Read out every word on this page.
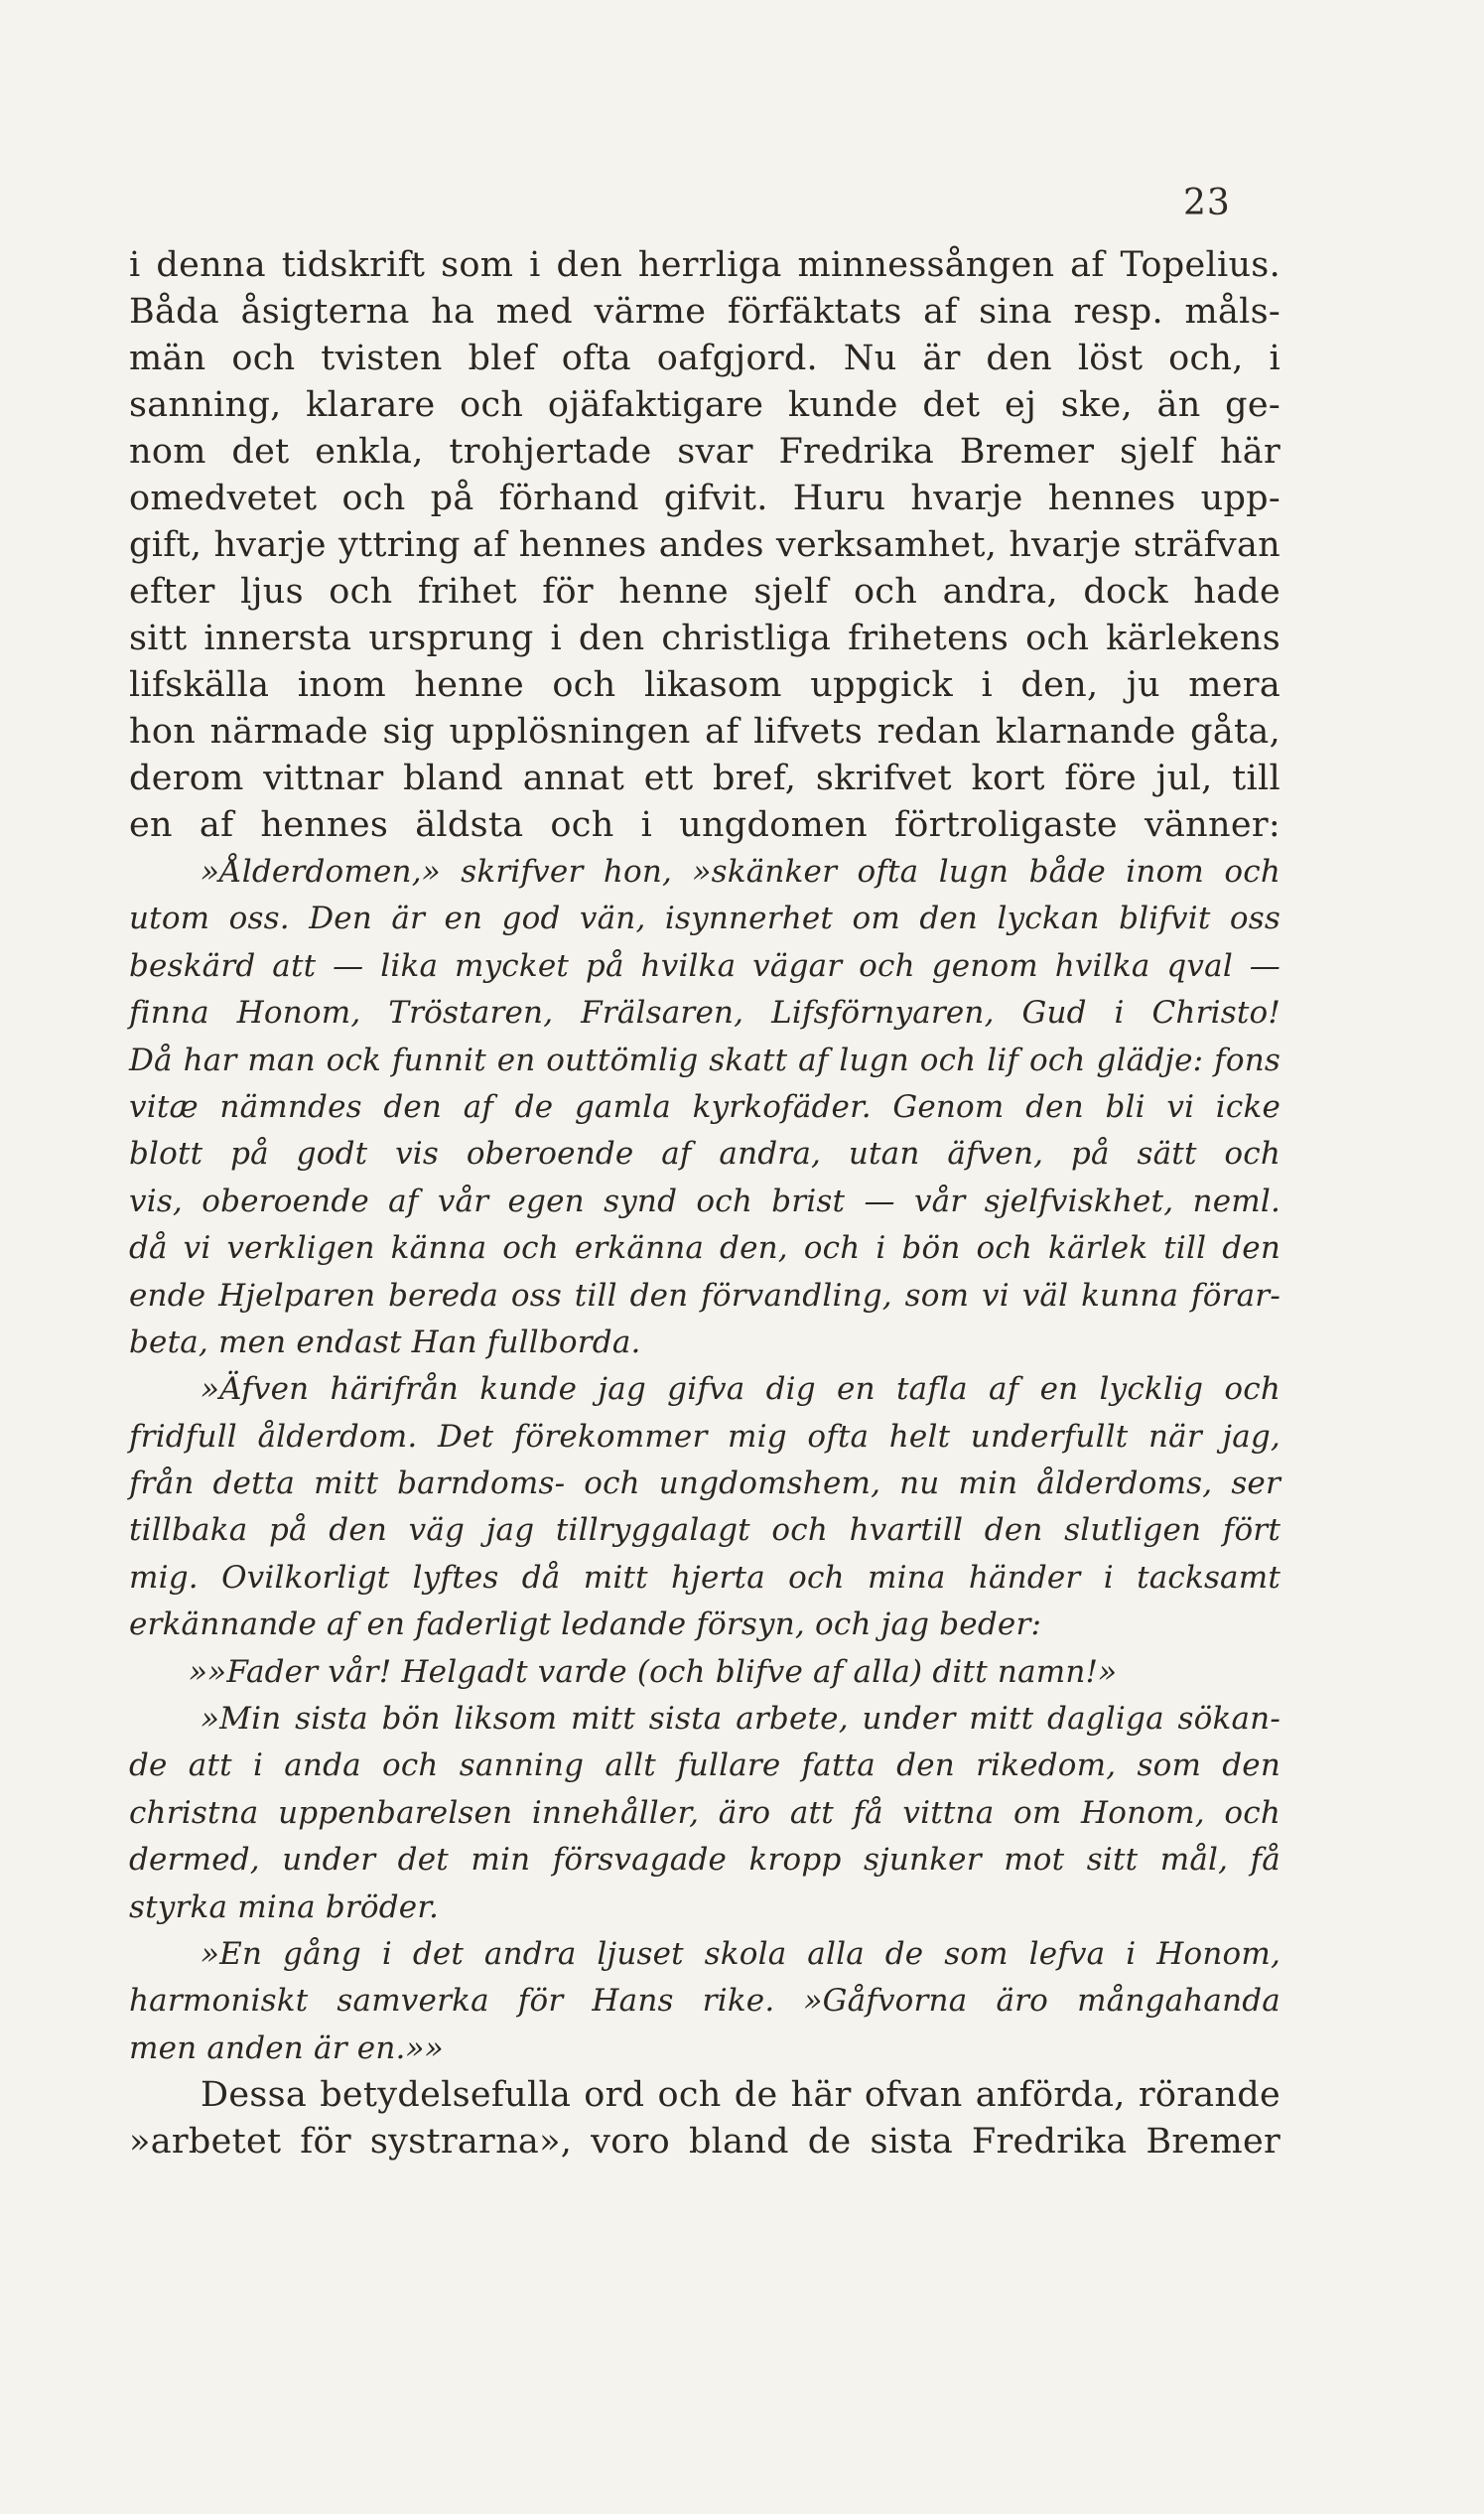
23
i denna tidskrift som i den herrliga minnessången af Topelius.
Båda åsigterna ha med värme förfäktats af sina resp. måls-
män och tvisten blef ofta oafgjord. Nu är den löst och, i
sanning, klarare och ojäfaktigare kunde det ej ske, än ge-
nom det enkla, trohjertade svar Fredrika Bremer sjelf här
omedvetet och på förhand gifvit. Huru hvarje hennes upp-
gift, hvarje yttring af hennes andes verksamhet, hvarje sträfvan
efter ljus och frihet för henne sjelf och andra, dock hade
sitt innersta ursprung i den christliga frihetens och kärlekens
lifskälla inom henne och likasom uppgick i den, ju mera
hon närmade sig upplösningen af lifvets redan klarnande gåta,
derom vittnar bland annat ett bref, skrifvet kort före jul, till
en af hennes äldsta och i ungdomen förtroligaste vänner:
»Ålderdomen,» skrifver hon, »skänker ofta lugn både inom och
utom oss. Den är en god vän, isynnerhet om den lyckan blifvit oss
beskärd att — lika mycket på hvilka vägar och genom hvilka qval —
finna Honom, Tröstaren, Frälsaren, Lifsförnyaren, Gud i Christo!
Då har man ock funnit en outtömlig skatt af lugn och lif och glädje: fons
vitæ nämndes den af de gamla kyrkofäder. Genom den bli vi icke
blott på godt vis oberoende af andra, utan äfven, på sätt och
vis, oberoende af vår egen synd och brist — vår sjelfviskhet, neml.
då vi verkligen känna och erkänna den, och i bön och kärlek till den
ende Hjelparen bereda oss till den förvandling, som vi väl kunna förar-
beta, men endast Han fullborda.
»Äfven härifrån kunde jag gifva dig en tafla af en lycklig och
fridfull ålderdom. Det förekommer mig ofta helt underfullt när jag,
från detta mitt barndoms- och ungdomshem, nu min ålderdoms, ser
tillbaka på den väg jag tillryggalagt och hvartill den slutligen fört
mig. Ovilkorligt lyftes då mitt hjerta och mina händer i tacksamt
erkännande af en faderligt ledande försyn, och jag beder:
»»Fader vår! Helgadt varde (och blifve af alla) ditt namn!»
»Min sista bön liksom mitt sista arbete, under mitt dagliga sökan-
de att i anda och sanning allt fullare fatta den rikedom, som den
christna uppenbarelsen innehåller, äro att få vittna om Honom, och
dermed, under det min försvagade kropp sjunker mot sitt mål, få
styrka mina bröder.
»En gång i det andra ljuset skola alla de som lefva i Honom,
harmoniskt samverka för Hans rike. »Gåfvorna äro mångahanda
men anden är en.»»
Dessa betydelsefulla ord och de här ofvan anförda, rörande
»arbetet för systrarna», voro bland de sista Fredrika Bremer
